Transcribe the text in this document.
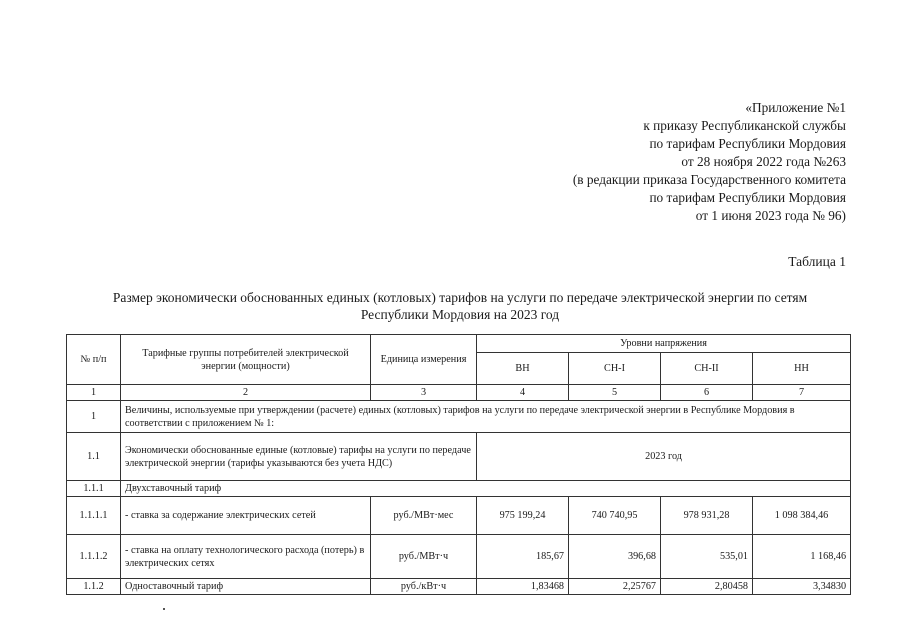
«Приложение №1
к приказу Республиканской службы
по тарифам Республики Мордовия
от 28 ноября 2022 года №263
(в редакции приказа Государственного комитета
по тарифам Республики Мордовия
от 1 июня 2023 года № 96)
Таблица 1
Размер экономически обоснованных единых (котловых) тарифов на услуги по передаче электрической энергии по сетям
Республики Мордовия на 2023 год
№ п/п	Тарифные группы потребителей электрической энергии (мощности)	Единица измерения	Уровни напряжения			
			ВН	СН-I	СН-II	НН
1	2	3	4	5	6	7
1	Величины, используемые при утверждении (расчете) единых (котловых) тарифов на услуги по передаче электрической энергии в Республике Мордовия в соответствии с приложением № 1:					
1.1	Экономически обоснованные единые (котловые) тарифы на услуги по передаче электрической энергии (тарифы указываются без учета НДС)		2023 год			
1.1.1	Двухставочный тариф					
1.1.1.1	- ставка за содержание электрических сетей	руб./МВт·мес	975 199,24	740 740,95	978 931,28	1 098 384,46
1.1.1.2	- ставка на оплату технологического расхода (потерь) в электрических сетях	руб./МВт·ч	185,67	396,68	535,01	1 168,46
1.1.2	Одноставочный тариф	руб./кВт·ч	1,83468	2,25767	2,80458	3,34830
